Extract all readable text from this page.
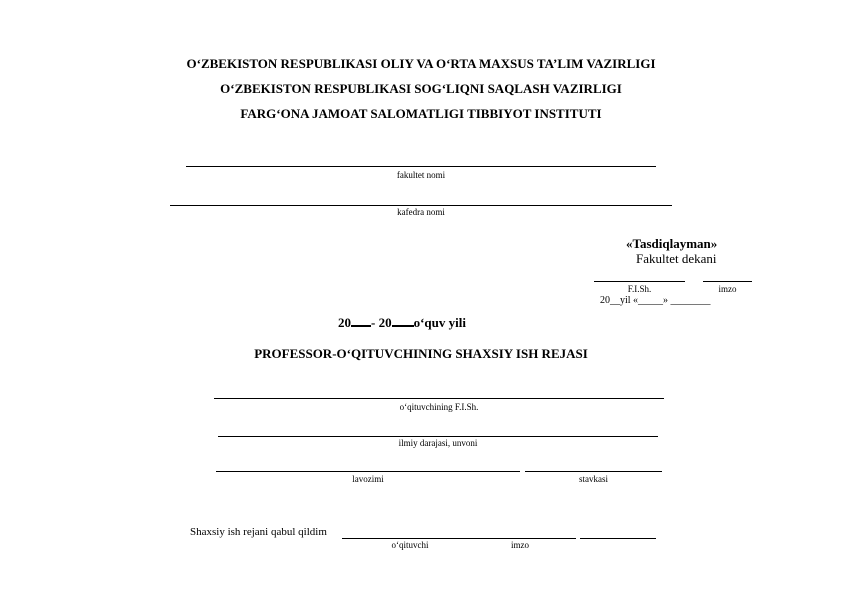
O‘ZBEKISTON RESPUBLIKASI OLIY VA O‘RTA MAXSUS TA’LIM VAZIRLIGI
O‘ZBEKISTON RESPUBLIKASI SOG‘LIQNI SAQLASH VAZIRLIGI
FARG‘ONA JAMOAT SALOMATLIGI TIBBIYOT INSTITUTI
fakultet nomi
kafedra nomi
«Tasdiqlayman»
Fakultet dekani
F.I.Sh.	imzo
20__yil «_____» ________
20 - 20 o‘quv yili
PROFESSOR-O‘QITUVCHINING SHAXSIY ISH REJASI
o‘qituvchining F.I.Sh.
ilmiy darajasi, unvoni
lavozimi	stavkasi
Shaxsiy ish rejani qabul qildim
o‘qituvchi	imzo
